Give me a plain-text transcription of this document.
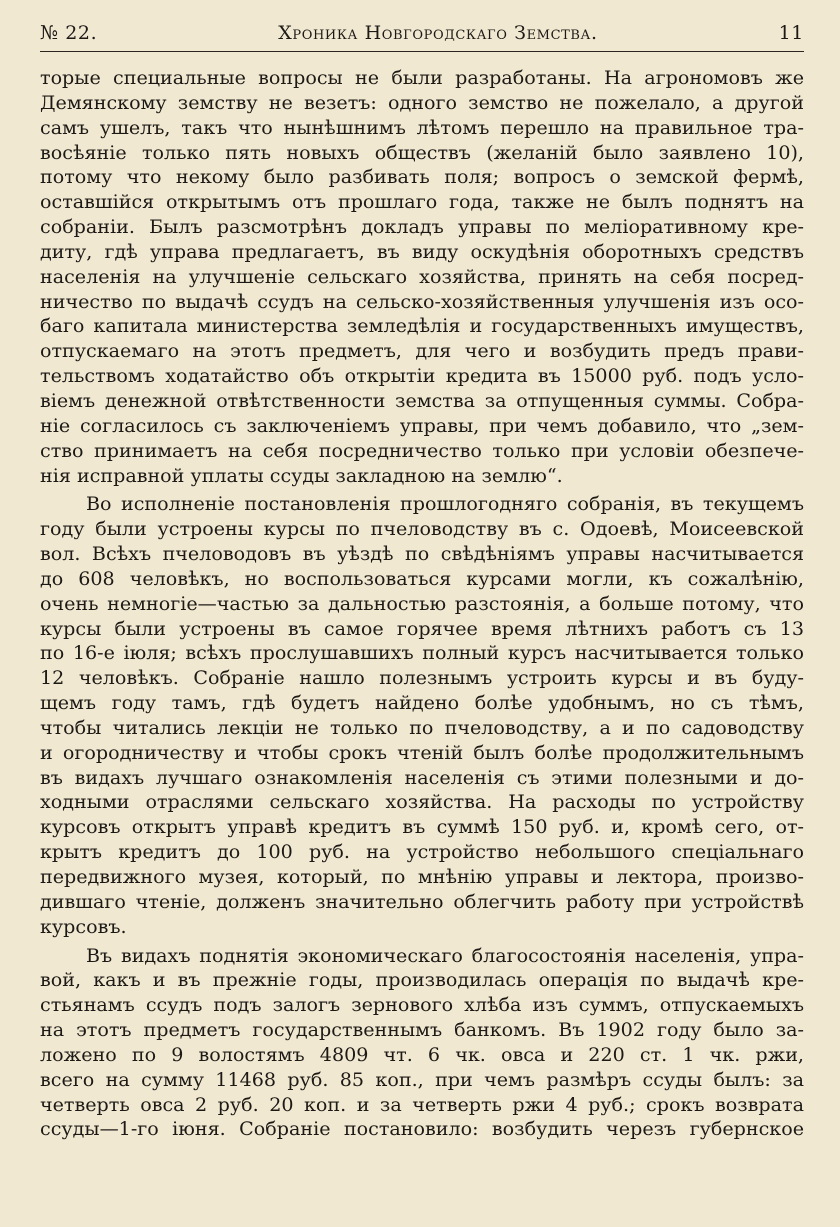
№ 22.	Хроника Новгородскаго Земства.	11
торые специальные вопросы не были разработаны. На агрономовъ же
Демянскому земству не везетъ: одного земство не пожелало, а другой
самъ ушелъ, такъ что нынѣшнимъ лѣтомъ перешло на правильное тра-
восѣяніе только пять новыхъ обществъ (желаній было заявлено 10),
потому что некому было разбивать поля; вопросъ о земской фермѣ,
оставшійся открытымъ отъ прошлаго года, также не былъ поднятъ на
собраніи. Былъ разсмотрѣнъ докладъ управы по меліоративному кре-
диту, гдѣ управа предлагаетъ, въ виду оскудѣнія оборотныхъ средствъ
населенія на улучшеніе сельскаго хозяйства, принять на себя посред-
ничество по выдачѣ ссудъ на сельско-хозяйственныя улучшенія изъ осо-
баго капитала министерства земледѣлія и государственныхъ имуществъ,
отпускаемаго на этотъ предметъ, для чего и возбудить предъ прави-
тельствомъ ходатайство объ открытіи кредита въ 15000 руб. подъ усло-
віемъ денежной отвѣтственности земства за отпущенныя суммы. Собра-
ніе согласилось съ заключеніемъ управы, при чемъ добавило, что „зем-
ство принимаетъ на себя посредничество только при условіи обезпече-
нія исправной уплаты ссуды закладною на землю“.
Во исполненіе постановленія прошлогодняго собранія, въ текущемъ
году были устроены курсы по пчеловодству въ с. Одоевѣ, Моисеевской
вол. Всѣхъ пчеловодовъ въ уѣздѣ по свѣдѣніямъ управы насчитывается
до 608 человѣкъ, но воспользоваться курсами могли, къ сожалѣнію,
очень немногіе—частью за дальностью разстоянія, а больше потому, что
курсы были устроены въ самое горячее время лѣтнихъ работъ съ 13
по 16-е іюля; всѣхъ прослушавшихъ полный курсъ насчитывается только
12 человѣкъ. Собраніе нашло полезнымъ устроить курсы и въ буду-
щемъ году тамъ, гдѣ будетъ найдено болѣе удобнымъ, но съ тѣмъ,
чтобы читались лекціи не только по пчеловодству, а и по садоводству
и огородничеству и чтобы срокъ чтеній былъ болѣе продолжительнымъ
въ видахъ лучшаго ознакомленія населенія съ этими полезными и до-
ходными отраслями сельскаго хозяйства. На расходы по устройству
курсовъ открытъ управѣ кредитъ въ суммѣ 150 руб. и, кромѣ сего, от-
крытъ кредитъ до 100 руб. на устройство небольшого спеціальнаго
передвижного музея, который, по мнѣнію управы и лектора, произво-
дившаго чтеніе, долженъ значительно облегчить работу при устройствѣ
курсовъ.
Въ видахъ поднятія экономическаго благосостоянія населенія, упра-
вой, какъ и въ прежніе годы, производилась операція по выдачѣ кре-
стьянамъ ссудъ подъ залогъ зернового хлѣба изъ суммъ, отпускаемыхъ
на этотъ предметъ государственнымъ банкомъ. Въ 1902 году было за-
ложено по 9 волостямъ 4809 чт. 6 чк. овса и 220 ст. 1 чк. ржи,
всего на сумму 11468 руб. 85 коп., при чемъ размѣръ ссуды былъ: за
четверть овса 2 руб. 20 коп. и за четверть ржи 4 руб.; срокъ возврата
ссуды—1-го іюня. Собраніе постановило: возбудить черезъ губернское
